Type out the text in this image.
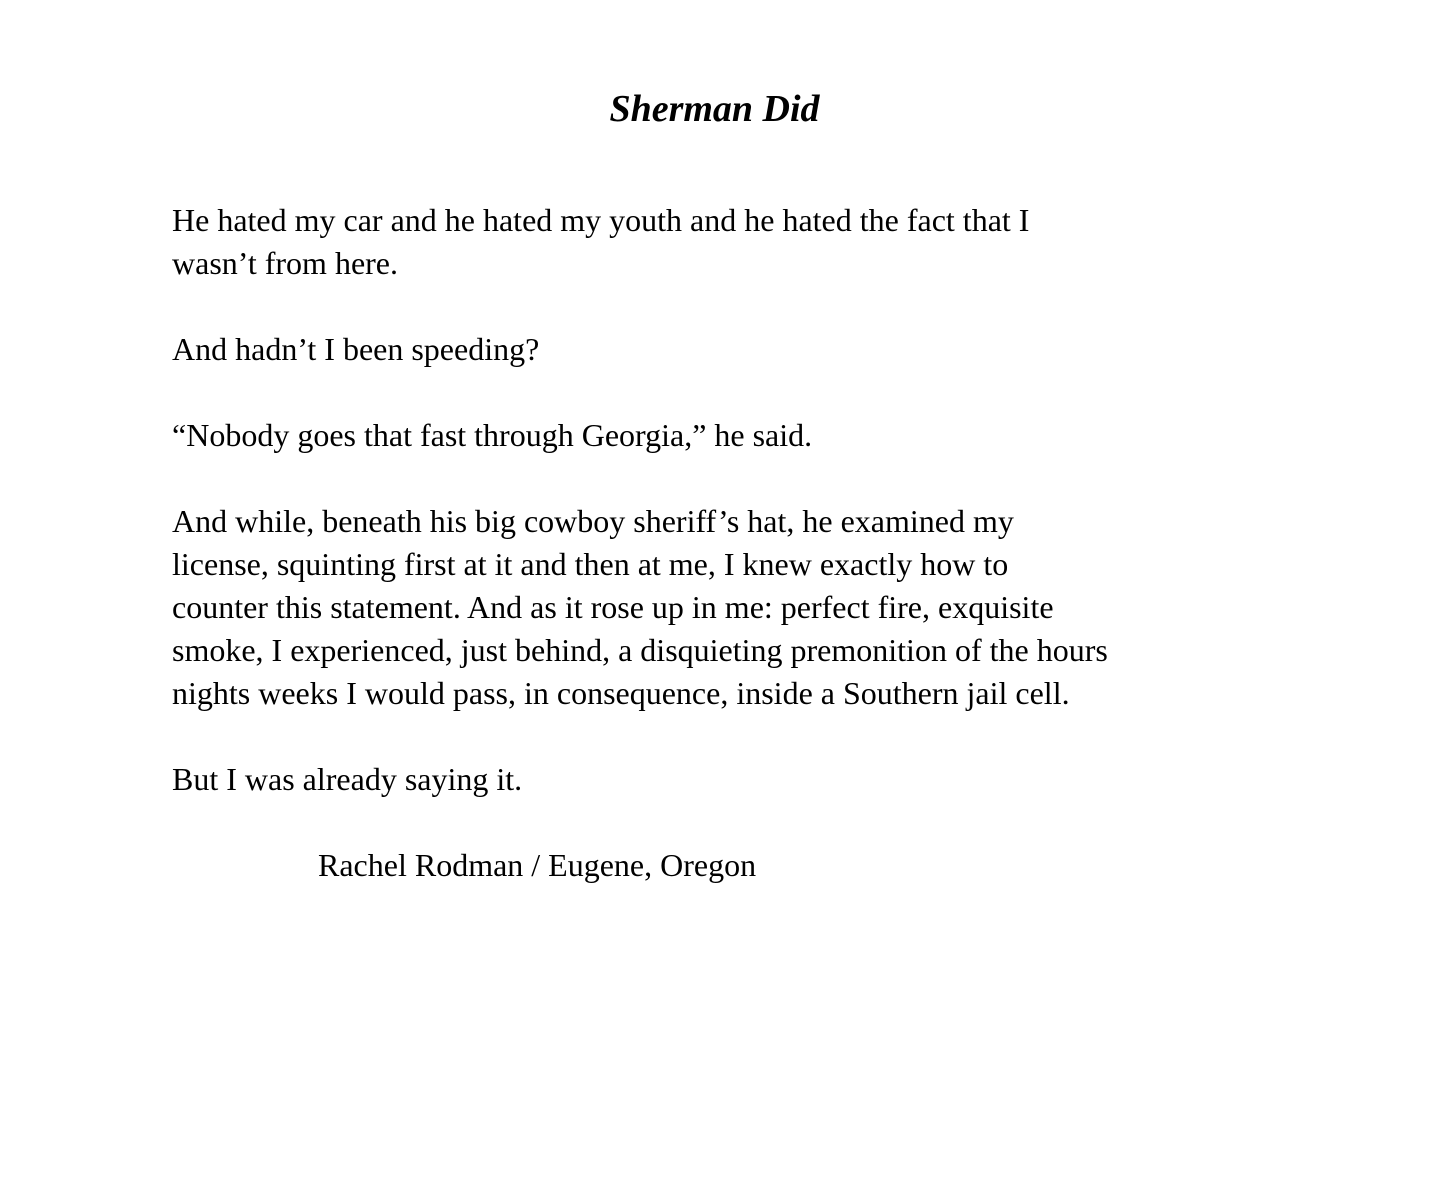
Sherman Did
He hated my car and he hated my youth and he hated the fact that I
wasn’t from here.
And hadn’t I been speeding?
“Nobody goes that fast through Georgia,” he said.
And while, beneath his big cowboy sheriff’s hat, he examined my
license, squinting first at it and then at me, I knew exactly how to
counter this statement. And as it rose up in me: perfect fire, exquisite
smoke, I experienced, just behind, a disquieting premonition of the hours
nights weeks I would pass, in consequence, inside a Southern jail cell.
But I was already saying it.
Rachel Rodman / Eugene, Oregon
